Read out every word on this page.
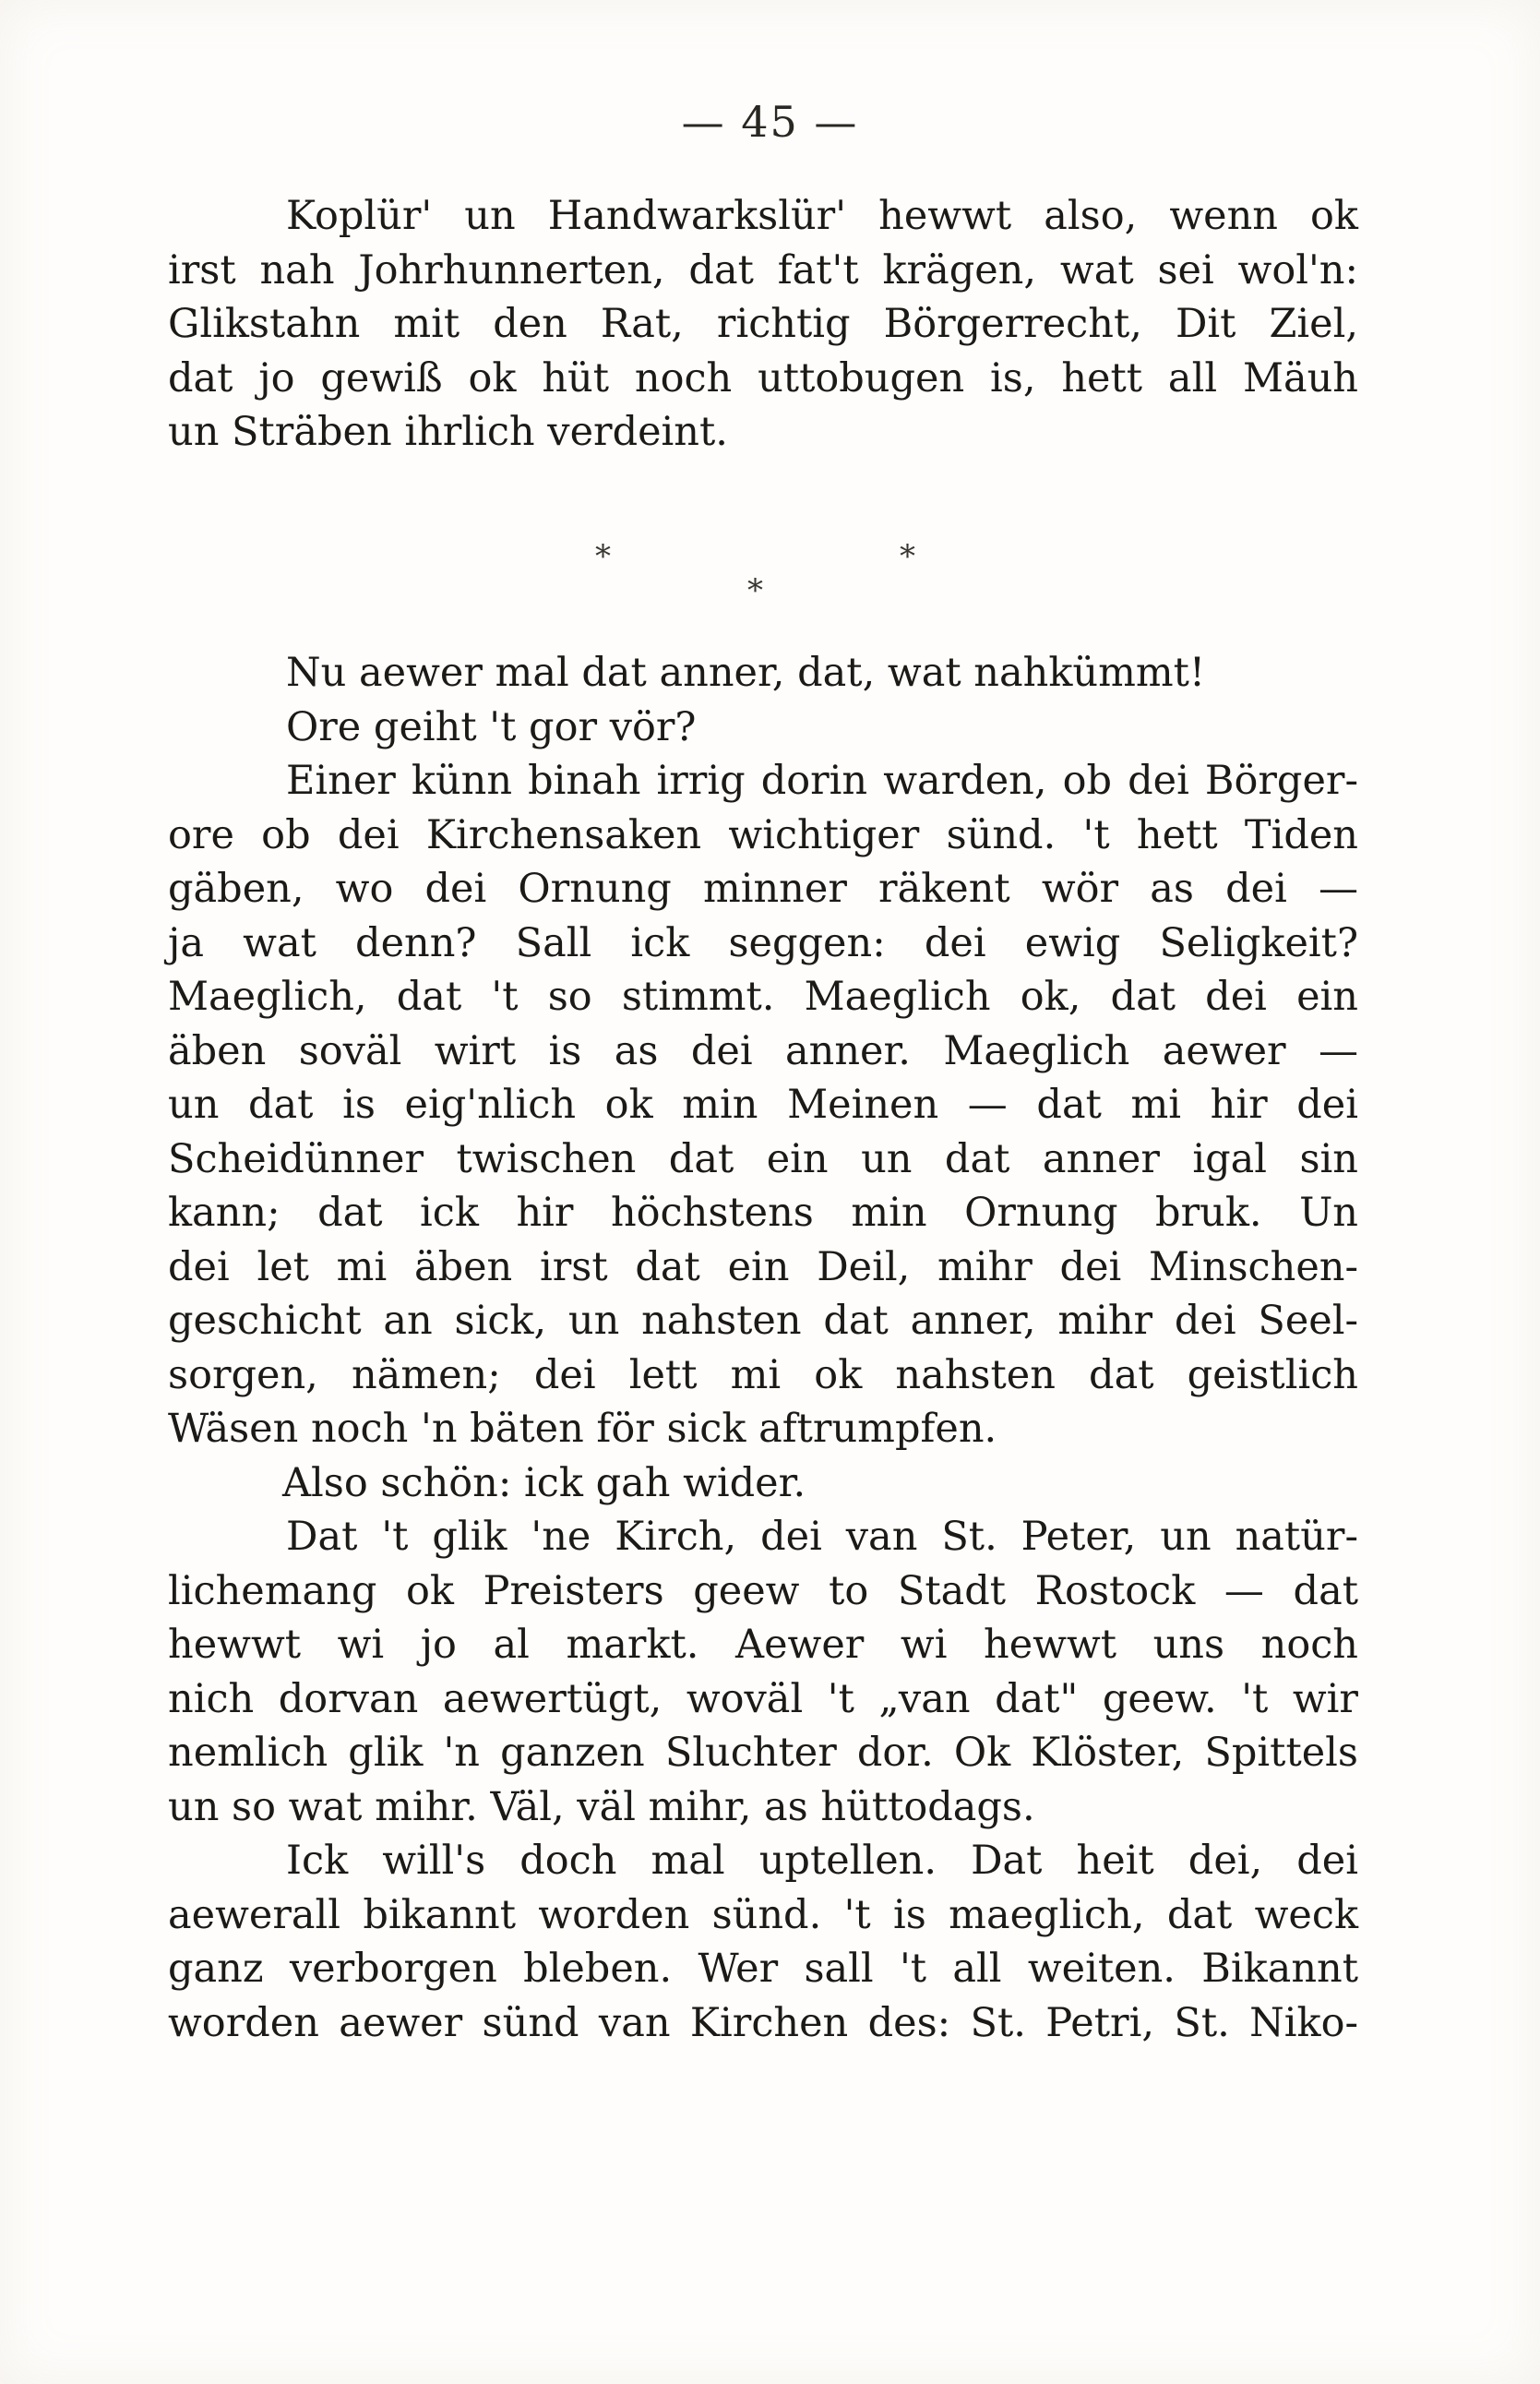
— 45 —
Koplür' un Handwarkslür' hewwt also, wenn ok
irst nah Johrhunnerten, dat fat't krägen, wat sei wol'n:
Glikstahn mit den Rat, richtig Börgerrecht, Dit Ziel,
dat jo gewiß ok hüt noch uttobugen is, hett all Mäuh
un Sträben ihrlich verdeint.
*	*
*
Nu aewer mal dat anner, dat, wat nahkümmt!
Ore geiht 't gor vör?
Einer künn binah irrig dorin warden, ob dei Börger-
ore ob dei Kirchensaken wichtiger sünd. 't hett Tiden
gäben, wo dei Ornung minner räkent wör as dei —
ja wat denn? Sall ick seggen: dei ewig Seligkeit?
Maeglich, dat 't so stimmt. Maeglich ok, dat dei ein
äben soväl wirt is as dei anner. Maeglich aewer —
un dat is eig'nlich ok min Meinen — dat mi hir dei
Scheidünner twischen dat ein un dat anner igal sin
kann; dat ick hir höchstens min Ornung bruk. Un
dei let mi äben irst dat ein Deil, mihr dei Minschen-
geschicht an sick, un nahsten dat anner, mihr dei Seel-
sorgen, nämen; dei lett mi ok nahsten dat geistlich
Wäsen noch 'n bäten för sick aftrumpfen.
Also schön: ick gah wider.
Dat 't glik 'ne Kirch, dei van St. Peter, un natür-
lichemang ok Preisters geew to Stadt Rostock — dat
hewwt wi jo al markt. Aewer wi hewwt uns noch
nich dorvan aewertügt, woväl 't „van dat" geew. 't wir
nemlich glik 'n ganzen Sluchter dor. Ok Klöster, Spittels
un so wat mihr. Väl, väl mihr, as hüttodags.
Ick will's doch mal uptellen. Dat heit dei, dei
aewerall bikannt worden sünd. 't is maeglich, dat weck
ganz verborgen bleben. Wer sall 't all weiten. Bikannt
worden aewer sünd van Kirchen des: St. Petri, St. Niko-
